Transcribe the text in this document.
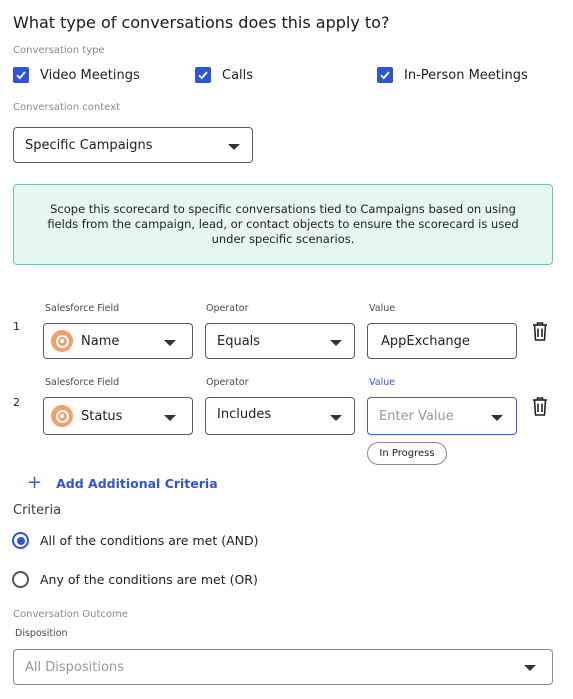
What type of conversations does this apply to?
Conversation type
Video Meetings	Calls	In-Person Meetings
Conversation context
Specific Campaigns

Scope this scorecard to specific conversations tied to Campaigns based on using fields from the campaign, lead, or contact objects to ensure the scorecard is used under specific scenarios.

Salesforce Field	Operator	Value
1
Name	Equals	AppExchange
Salesforce Field	Operator	Value
2
Status	Includes	Enter Value
In Progress
+ Add Additional Criteria
Criteria
All of the conditions are met (AND)
Any of the conditions are met (OR)
Conversation Outcome
Disposition
All Dispositions
